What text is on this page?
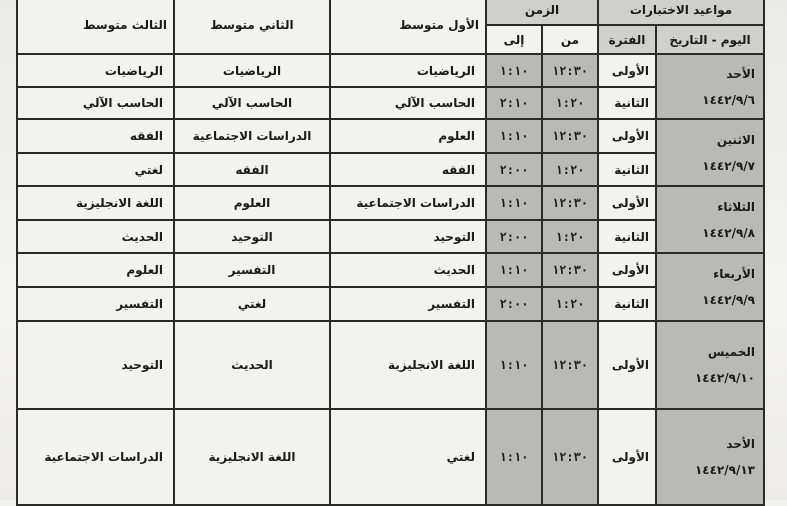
مواعيد الاختبارات		الزمن		الأول متوسط	الثاني متوسط	الثالث متوسط
اليوم - التاريخ	الفترة	من	إلى			

الأحد
١٤٤٢/٩/٦	الأولى	١٢:٣٠	١:١٠	الرياضيات	الرياضيات	الرياضيات
	الثانية	١:٢٠	٢:١٠	الحاسب الآلي	الحاسب الآلي	الحاسب الآلي

الاثنين
١٤٤٢/٩/٧	الأولى	١٢:٣٠	١:١٠	العلوم	الدراسات الاجتماعية	الفقه
	الثانية	١:٢٠	٢:٠٠	الفقه	الفقه	لغتي

الثلاثاء
١٤٤٢/٩/٨	الأولى	١٢:٣٠	١:١٠	الدراسات الاجتماعية	العلوم	اللغة الانجليزية
	الثانية	١:٢٠	٢:٠٠	التوحيد	التوحيد	الحديث

الأربعاء
١٤٤٢/٩/٩	الأولى	١٢:٣٠	١:١٠	الحديث	التفسير	العلوم
	الثانية	١:٢٠	٢:٠٠	التفسير	لغتي	التفسير

الخميس
١٤٤٢/٩/١٠	الأولى	١٢:٣٠	١:١٠	اللغة الانجليزية	الحديث	التوحيد

الأحد
١٤٤٢/٩/١٣	الأولى	١٢:٣٠	١:١٠	لغتي	اللغة الانجليزية	الدراسات الاجتماعية
